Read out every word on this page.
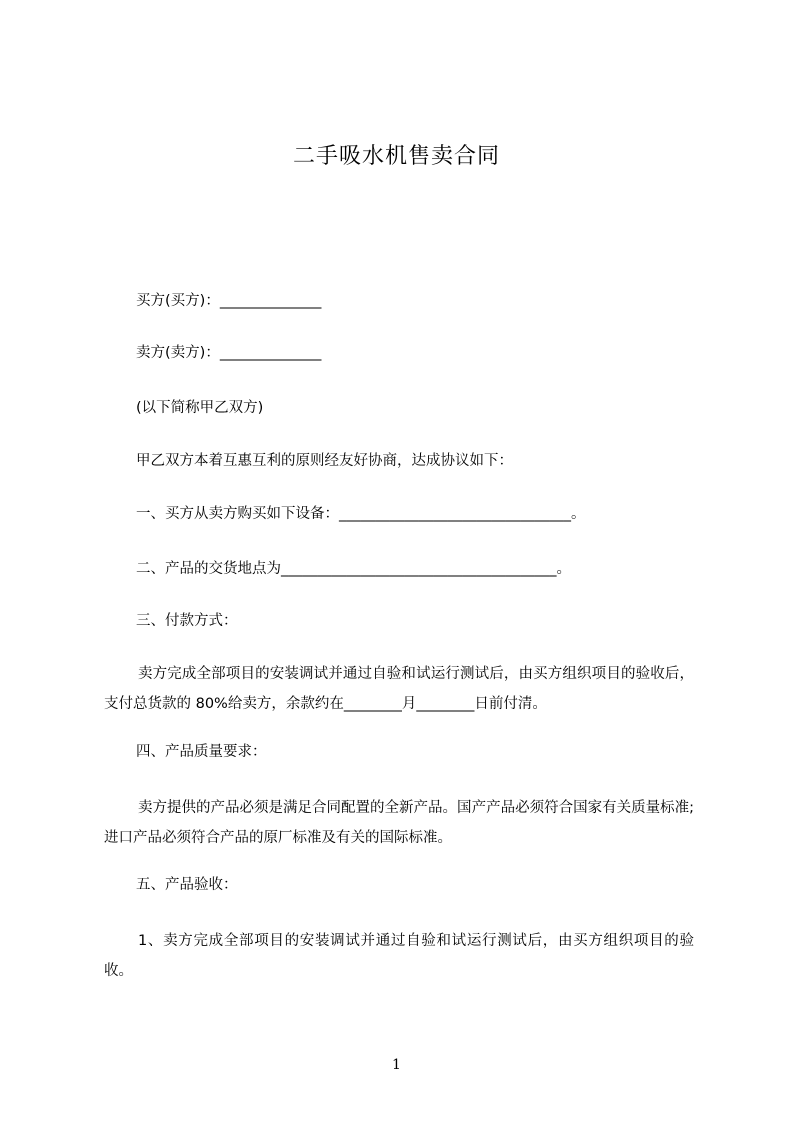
二手吸水机售卖合同
买方(买方)：______________
卖方(卖方)：______________
(以下简称甲乙双方)
甲乙双方本着互惠互利的原则经友好协商，达成协议如下：
一、买方从卖方购买如下设备：________________________________。
二、产品的交货地点为______________________________________。
三、付款方式：
卖方完成全部项目的安装调试并通过自验和试运行测试后，由买方组织项目的验收后，支付总货款的 80%给卖方，余款约在________月________日前付清。
四、产品质量要求：
卖方提供的产品必须是满足合同配置的全新产品。国产产品必须符合国家有关质量标准;进口产品必须符合产品的原厂标准及有关的国际标准。
五、产品验收：
1、卖方完成全部项目的安装调试并通过自验和试运行测试后，由买方组织项目的验收。
1
